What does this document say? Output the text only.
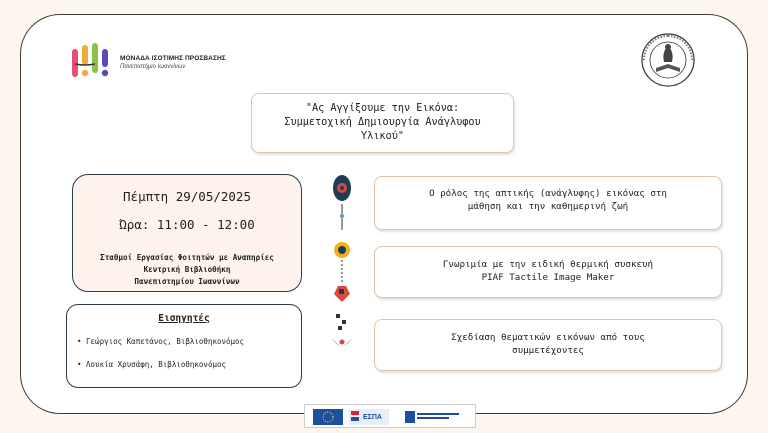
ΜΟΝΑΔΑ ΙΣΟΤΙΜΗΣ ΠΡΟΣΒΑΣΗΣ
Πανεπιστήμιο Ιωαννίνων
"Ας Αγγίξουμε την Εικόνα:
Συμμετοχική Δημιουργία Ανάγλυφου
Υλικού"
Πέμπτη 29/05/2025
Ώρα: 11:00 - 12:00
Σταθμοί Εργασίας Φοιτητών με Αναπηρίες
Κεντρική Βιβλιοθήκη
Πανεπιστημίου Ιωαννίνων
Εισηγητές
• Γεώργιος Καπετάνος, Βιβλιοθηκονόμος
• Λουκία Χρυσάφη, Βιβλιοθηκονόμος
Ο ρόλος της απτικής (ανάγλυφης) εικόνας στη
μάθηση και την καθημερινή ζωή
Γνωριμία με την ειδική θερμική συσκευή
PIAF Tactile Image Maker
Σχεδίαση θεματικών εικόνων από τους
συμμετέχοντες
ΕΣΠΑ
